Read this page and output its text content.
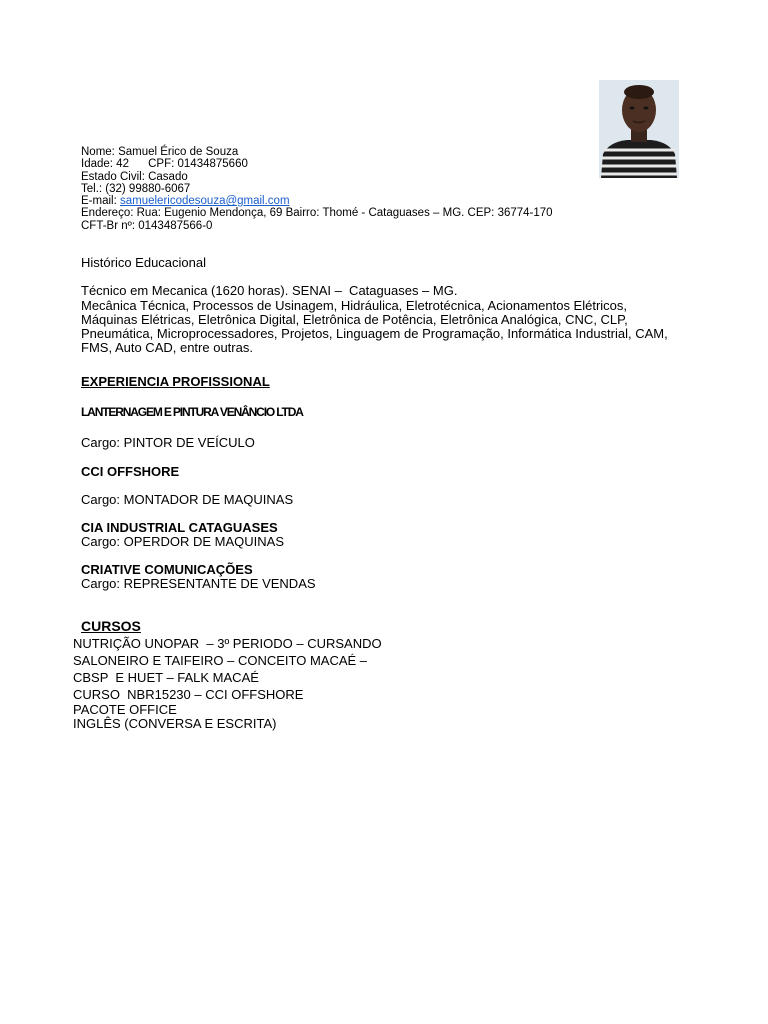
Nome: Samuel Érico de Souza
Idade: 42      CPF: 01434875660
Estado Civil: Casado
Tel.: (32) 99880-6067
E-mail: samuelericodesouza@gmail.com
Endereço: Rua: Eugenio Mendonça, 69 Bairro: Thomé - Cataguases – MG. CEP: 36774-170
CFT-Br nº: 0143487566-0
Histórico Educacional
Técnico em Mecanica (1620 horas). SENAI –  Cataguases – MG.
Mecânica Técnica, Processos de Usinagem, Hidráulica, Eletrotécnica, Acionamentos Elétricos,
Máquinas Elétricas, Eletrônica Digital, Eletrônica de Potência, Eletrônica Analógica, CNC, CLP,
Pneumática, Microprocessadores, Projetos, Linguagem de Programação, Informática Industrial, CAM,
FMS, Auto CAD, entre outras.
EXPERIENCIA PROFISSIONAL
LANTERNAGEM E PINTURA VENÂNCIO LTDA
Cargo: PINTOR DE VEÍCULO
CCI OFFSHORE
Cargo: MONTADOR DE MAQUINAS
CIA INDUSTRIAL CATAGUASES
Cargo: OPERDOR DE MAQUINAS
CRIATIVE COMUNICAÇÕES
Cargo: REPRESENTANTE DE VENDAS
CURSOS
NUTRIÇÃO UNOPAR  – 3º PERIODO – CURSANDO
SALONEIRO E TAIFEIRO – CONCEITO MACAÉ –
CBSP  E HUET – FALK MACAÉ
CURSO  NBR15230 – CCI OFFSHORE
PACOTE OFFICE
INGLÊS (CONVERSA E ESCRITA)
